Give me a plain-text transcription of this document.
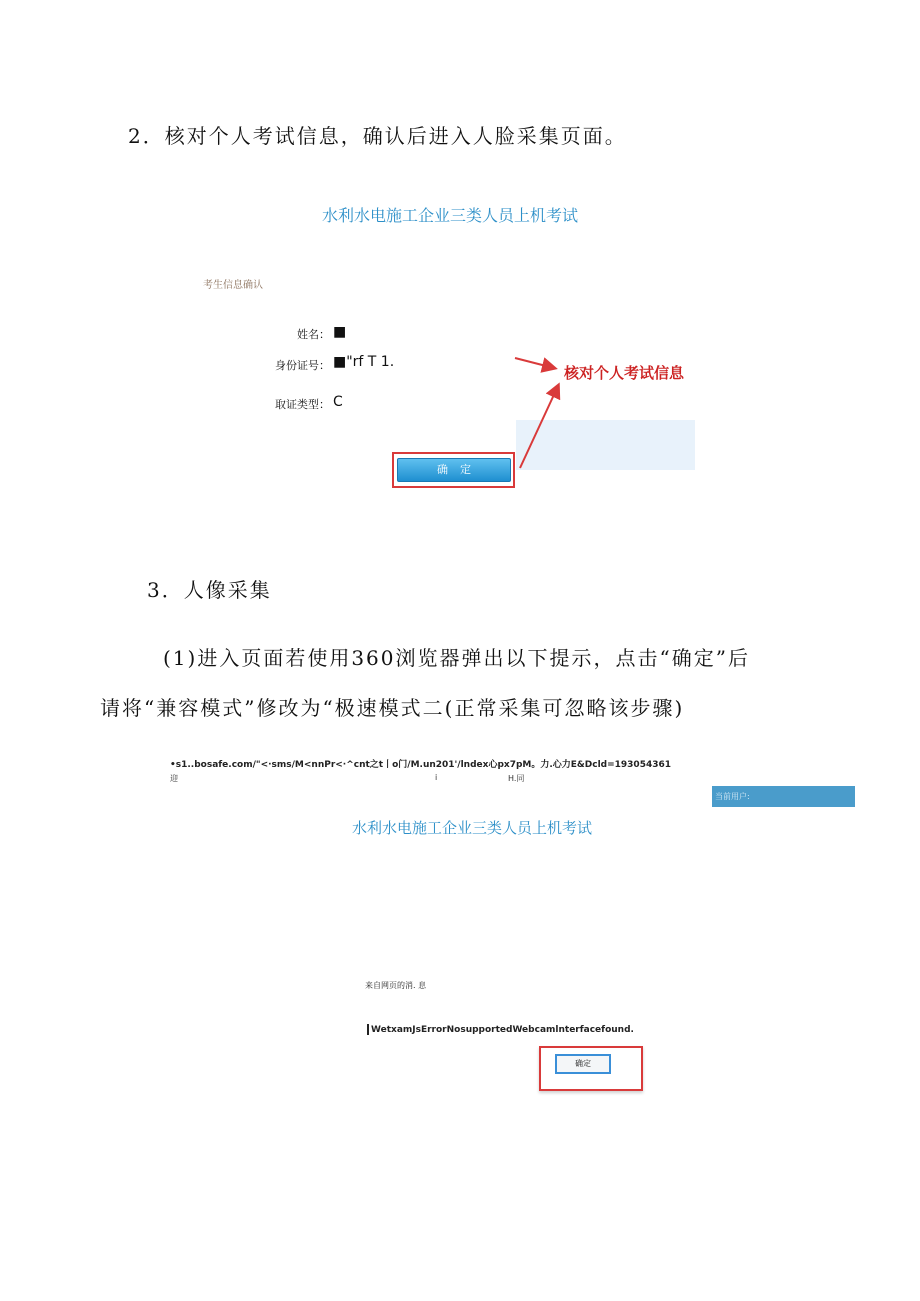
2．核对个人考试信息，确认后进入人脸采集页面。
水利水电施工企业三类人员上机考试
考生信息确认
姓名： ■
身份证号： ■"rf T 1.
取证类型： C
确定
核对个人考试信息
3．人像采集
(1)进入页面若使用360浏览器弹出以下提示，点击“确定”后
请将“兼容模式”修改为“极速模式二(正常采集可忽略该步骤)
•s1..bosafe.com/"<·sms/M<nnPr<·^cnt之t丨o门/M.un201'/lndex心px7pM。力.心力E&Dcld=193054361
迎	i	H.同
当前用户:
水利水电施工企业三类人员上机考试
来自网页的消. 息
WetxamJsErrorNosupportedWebcamlnterfacefound.
确定
